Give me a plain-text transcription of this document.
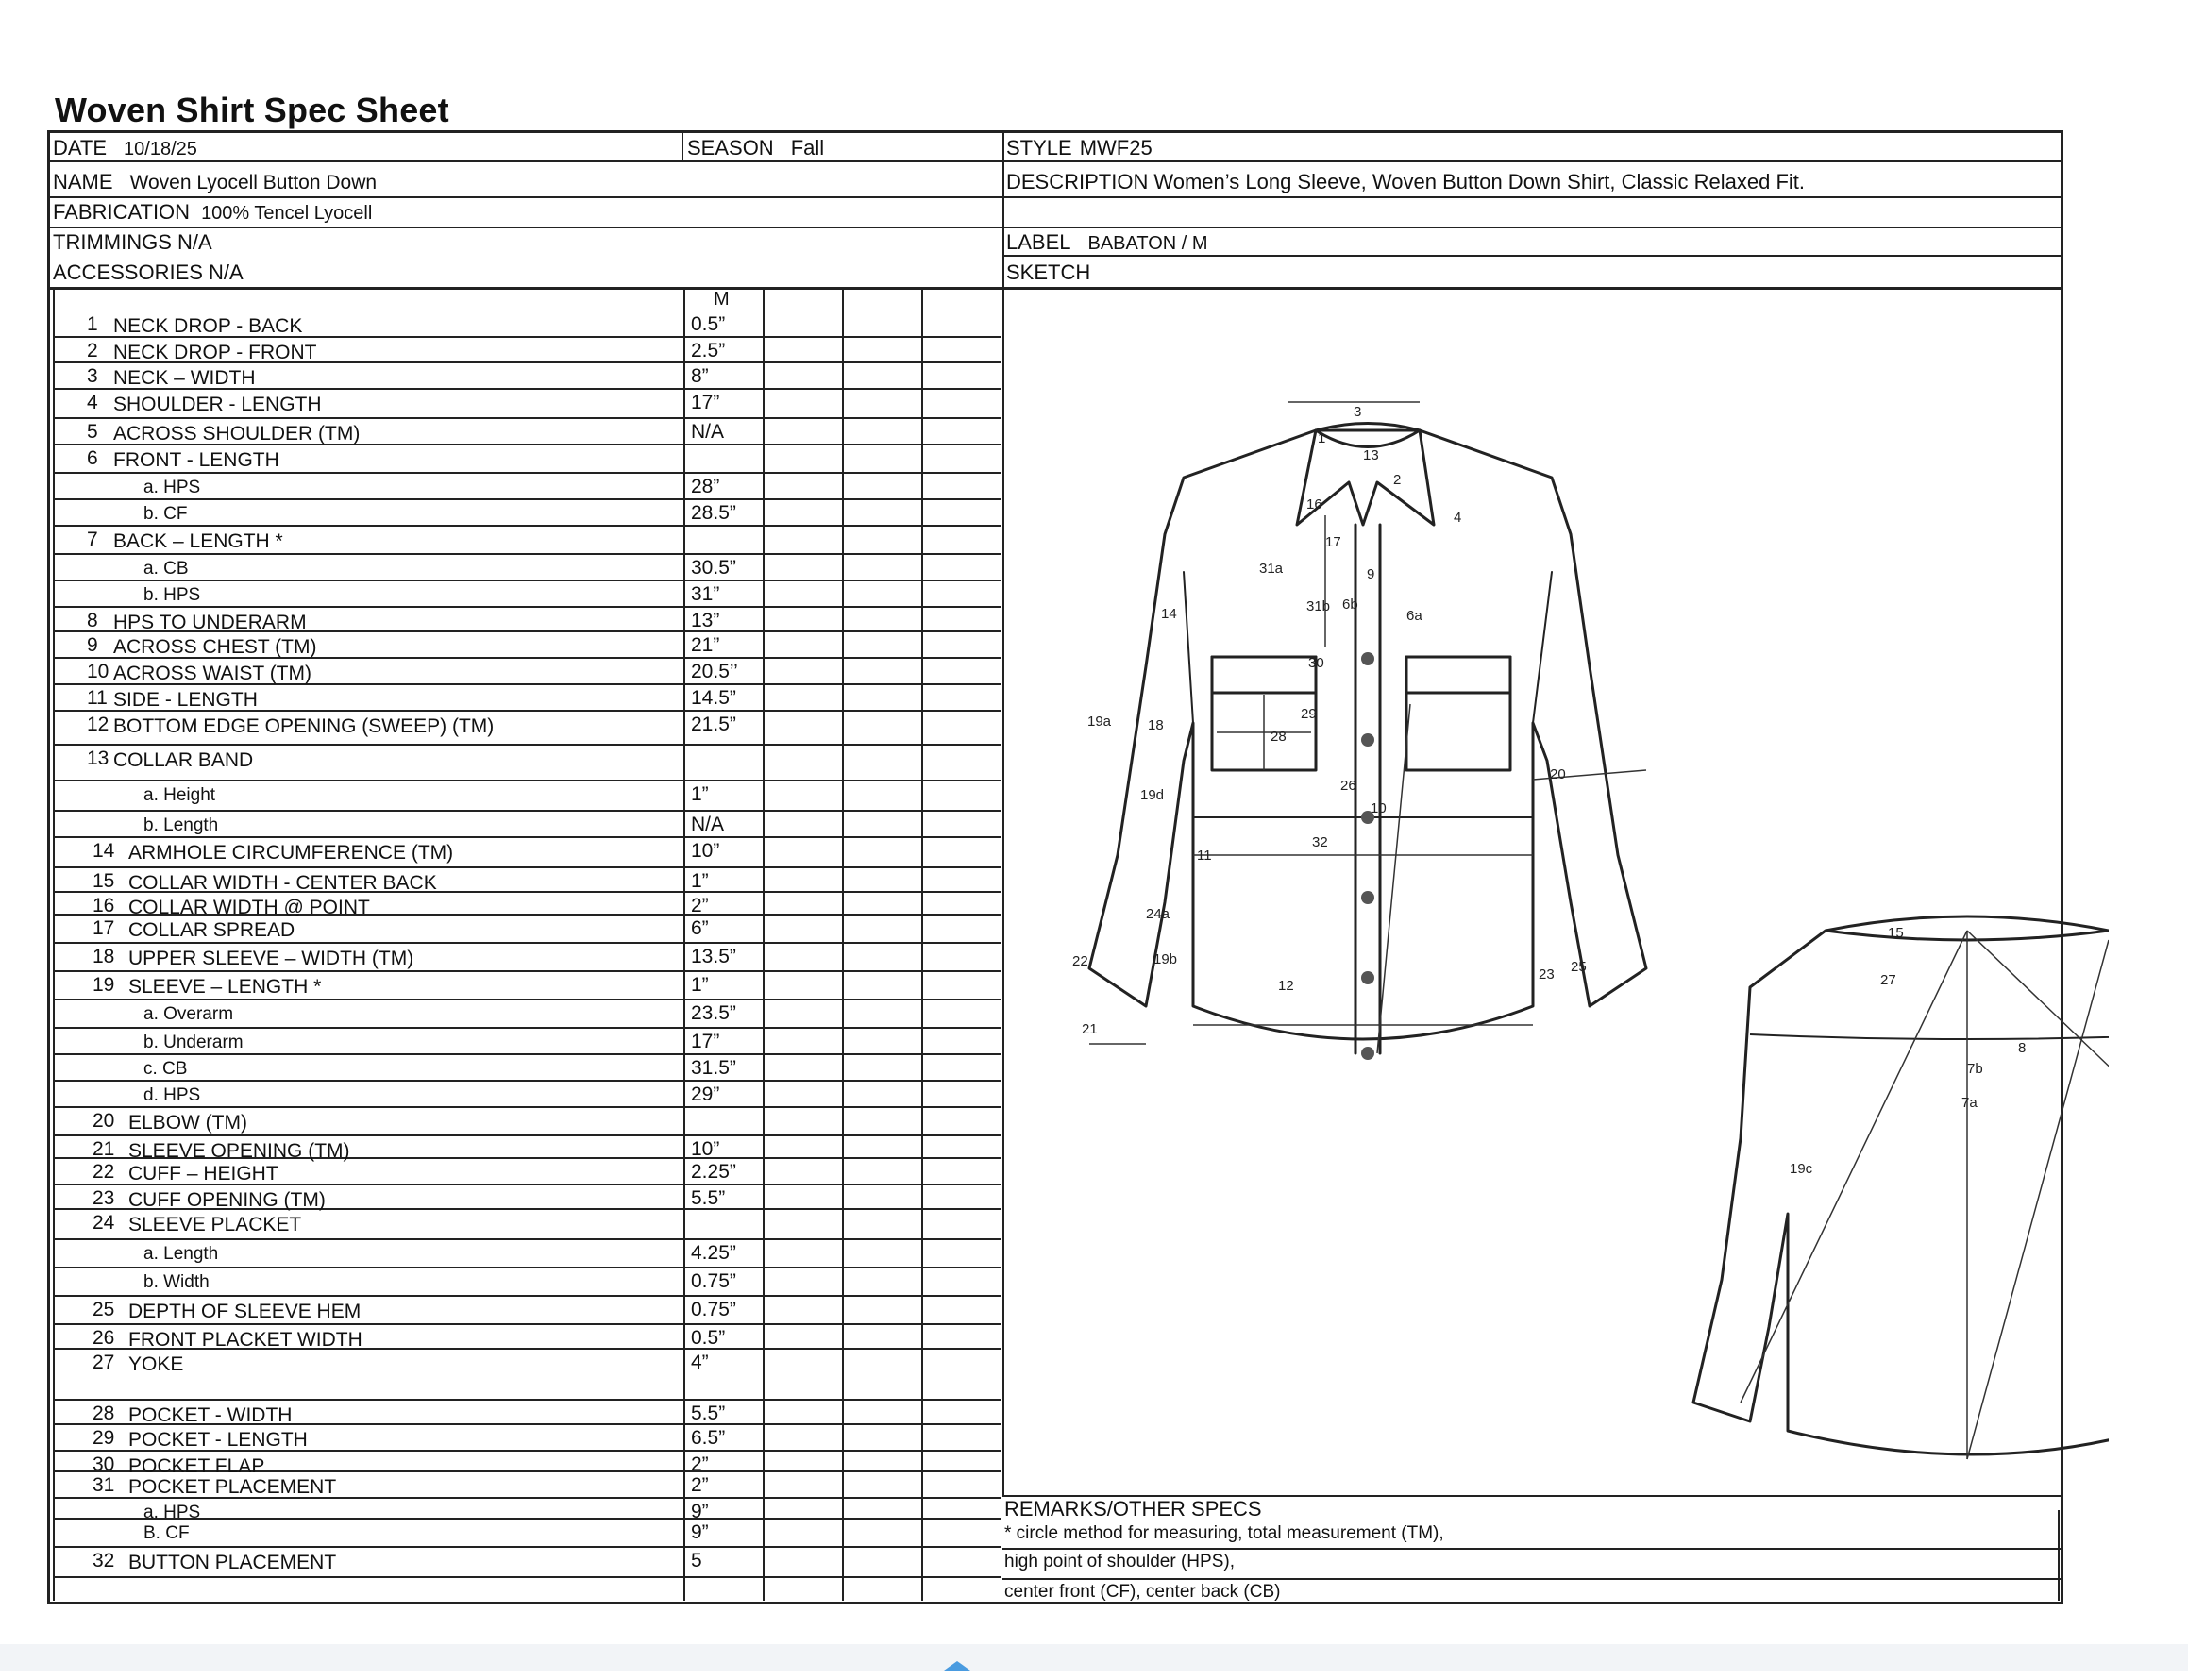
Woven Shirt Spec Sheet
DATE 10/18/25	SEASON Fall	STYLE MWF25
NAME Woven Lyocell Button Down	DESCRIPTION Women’s Long Sleeve, Woven Button Down Shirt, Classic Relaxed Fit.
FABRICATION 100% Tencel Lyocell
TRIMMINGS N/A	LABEL BABATON / M
ACCESSORIES N/A	SKETCH
M
1 NECK DROP - BACK	0.5”
2 NECK DROP - FRONT	2.5”
3 NECK – WIDTH	8”
4 SHOULDER - LENGTH	17”
5 ACROSS SHOULDER (TM)	N/A
6 FRONT - LENGTH
a. HPS	28”
b. CF	28.5”
7 BACK – LENGTH *
a. CB	30.5”
b. HPS	31”
8 HPS TO UNDERARM	13”
9 ACROSS CHEST (TM)	21”
10 ACROSS WAIST (TM)	20.5’’
11 SIDE - LENGTH	14.5”
12 BOTTOM EDGE OPENING (SWEEP) (TM)	21.5”
13 COLLAR BAND
a. Height	1”
b. Length	N/A
14 ARMHOLE CIRCUMFERENCE (TM)	10”
15 COLLAR WIDTH - CENTER BACK	1”
16 COLLAR WIDTH @ POINT	2”
17 COLLAR SPREAD	6”
18 UPPER SLEEVE – WIDTH (TM)	13.5”
19 SLEEVE – LENGTH *	1”
a. Overarm	23.5”
b. Underarm	17”
c. CB	31.5”
d. HPS	29”
20 ELBOW (TM)
21 SLEEVE OPENING (TM)	10”
22 CUFF – HEIGHT	2.25”
23 CUFF OPENING (TM)	5.5”
24 SLEEVE PLACKET
a. Length	4.25”
b. Width	0.75”
25 DEPTH OF SLEEVE HEM	0.75”
26 FRONT PLACKET WIDTH	0.5”
27 YOKE	4”
28 POCKET - WIDTH	5.5”
29 POCKET - LENGTH	6.5”
30 POCKET FLAP	2”
31 POCKET PLACEMENT	2”
a. HPS	9”
B. CF	9”
32 BUTTON PLACEMENT	5
3
13
1
2
4
16
17
31a
31b
9
6b
6a
14
30
29
28
19a	18
19d
26
10
20
32
11
24a
22	19b
12
23 25
21
15
27
8
7b
7a
19c
REMARKS/OTHER SPECS
* circle method for measuring, total measurement (TM),
high point of shoulder (HPS),
center front (CF), center back (CB)
